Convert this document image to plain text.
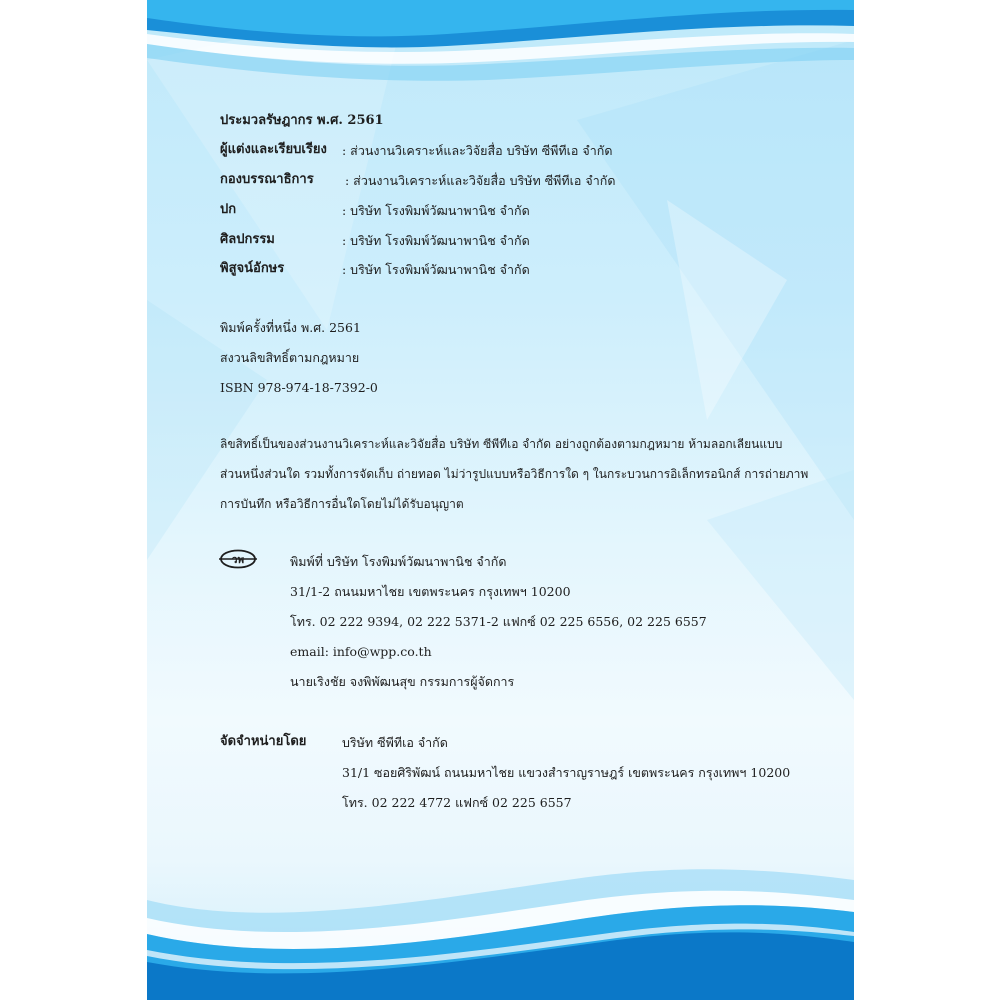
ประมวลรัษฎากร พ.ศ. 2561
ผู้แต่งและเรียบเรียง : ส่วนงานวิเคราะห์และวิจัยสื่อ บริษัท ซีพีทีเอ จำกัด
กองบรรณาธิการ	: ส่วนงานวิเคราะห์และวิจัยสื่อ บริษัท ซีพีทีเอ จำกัด
ปก	: บริษัท โรงพิมพ์วัฒนาพานิช จำกัด
ศิลปกรรม	: บริษัท โรงพิมพ์วัฒนาพานิช จำกัด
พิสูจน์อักษร	: บริษัท โรงพิมพ์วัฒนาพานิช จำกัด
พิมพ์ครั้งที่หนึ่ง พ.ศ. 2561
สงวนลิขสิทธิ์ตามกฎหมาย
ISBN 978-974-18-7392-0
ลิขสิทธิ์เป็นของส่วนงานวิเคราะห์และวิจัยสื่อ บริษัท ซีพีทีเอ จำกัด อย่างถูกต้องตามกฎหมาย ห้ามลอกเลียนแบบ
ส่วนหนึ่งส่วนใด รวมทั้งการจัดเก็บ ถ่ายทอด ไม่ว่ารูปแบบหรือวิธีการใด ๆ ในกระบวนการอิเล็กทรอนิกส์ การถ่ายภาพ
การบันทึก หรือวิธีการอื่นใดโดยไม่ได้รับอนุญาต
วพ	พิมพ์ที่ บริษัท โรงพิมพ์วัฒนาพานิช จำกัด
31/1-2 ถนนมหาไชย เขตพระนคร กรุงเทพฯ 10200
โทร. 02 222 9394, 02 222 5371-2 แฟกซ์ 02 225 6556, 02 225 6557
email: info@wpp.co.th
นายเริงชัย จงพิพัฒนสุข กรรมการผู้จัดการ
จัดจำหน่ายโดย	บริษัท ซีพีทีเอ จำกัด
31/1 ซอยศิริพัฒน์ ถนนมหาไชย แขวงสำราญราษฎร์ เขตพระนคร กรุงเทพฯ 10200
โทร. 02 222 4772 แฟกซ์ 02 225 6557
